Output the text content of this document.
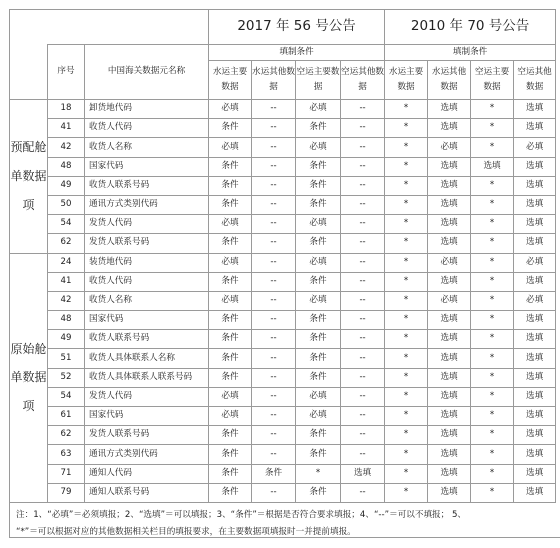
			2017 年 56 号公告				2010 年 70 号公告			
	序号	中国海关数据元名称	填制条件				填制条件			
			水运主要数据	水运其他数据	空运主要数据	空运其他数据	水运主要数据	水运其他数据	空运主要数据	空运其他数据
预配舱单数据项	18	卸货地代码	必填	--	必填	--	*	选填	*	选填
	41	收货人代码	条件	--	条件	--	*	选填	*	选填
	42	收货人名称	必填	--	必填	--	*	必填	*	必填
	48	国家代码	条件	--	条件	--	*	选填	选填	选填
	49	收货人联系号码	条件	--	条件	--	*	选填	*	选填
	50	通讯方式类别代码	条件	--	条件	--	*	选填	*	选填
	54	发货人代码	必填	--	必填	--	*	选填	*	选填
	62	发货人联系号码	条件	--	条件	--	*	选填	*	选填
原始舱单数据项	24	装货地代码	必填	--	必填	--	*	必填	*	必填
	41	收货人代码	条件	--	条件	--	*	选填	*	选填
	42	收货人名称	必填	--	必填	--	*	必填	*	必填
	48	国家代码	条件	--	条件	--	*	选填	*	选填
	49	收货人联系号码	条件	--	条件	--	*	选填	*	选填
	51	收货人具体联系人名称	条件	--	条件	--	*	选填	*	选填
	52	收货人具体联系人联系号码	条件	--	条件	--	*	选填	*	选填
	54	发货人代码	必填	--	必填	--	*	选填	*	选填
	61	国家代码	必填	--	必填	--	*	选填	*	选填
	62	发货人联系号码	条件	--	条件	--	*	选填	*	选填
	63	通讯方式类别代码	条件	--	条件	--	*	选填	*	选填
	71	通知人代码	条件	条件	*	选填	*	选填	*	选填
	79	通知人联系号码	条件	--	条件	--	*	选填	*	选填
注：1、“必填”＝必须填报；2、“选填”＝可以填报；3、“条件”＝根据是否符合要求填报；4、“--”＝可以不填报； 5、
“*”＝可以根据对应的其他数据相关栏目的填报要求，在主要数据项填报时一并提前填报。
